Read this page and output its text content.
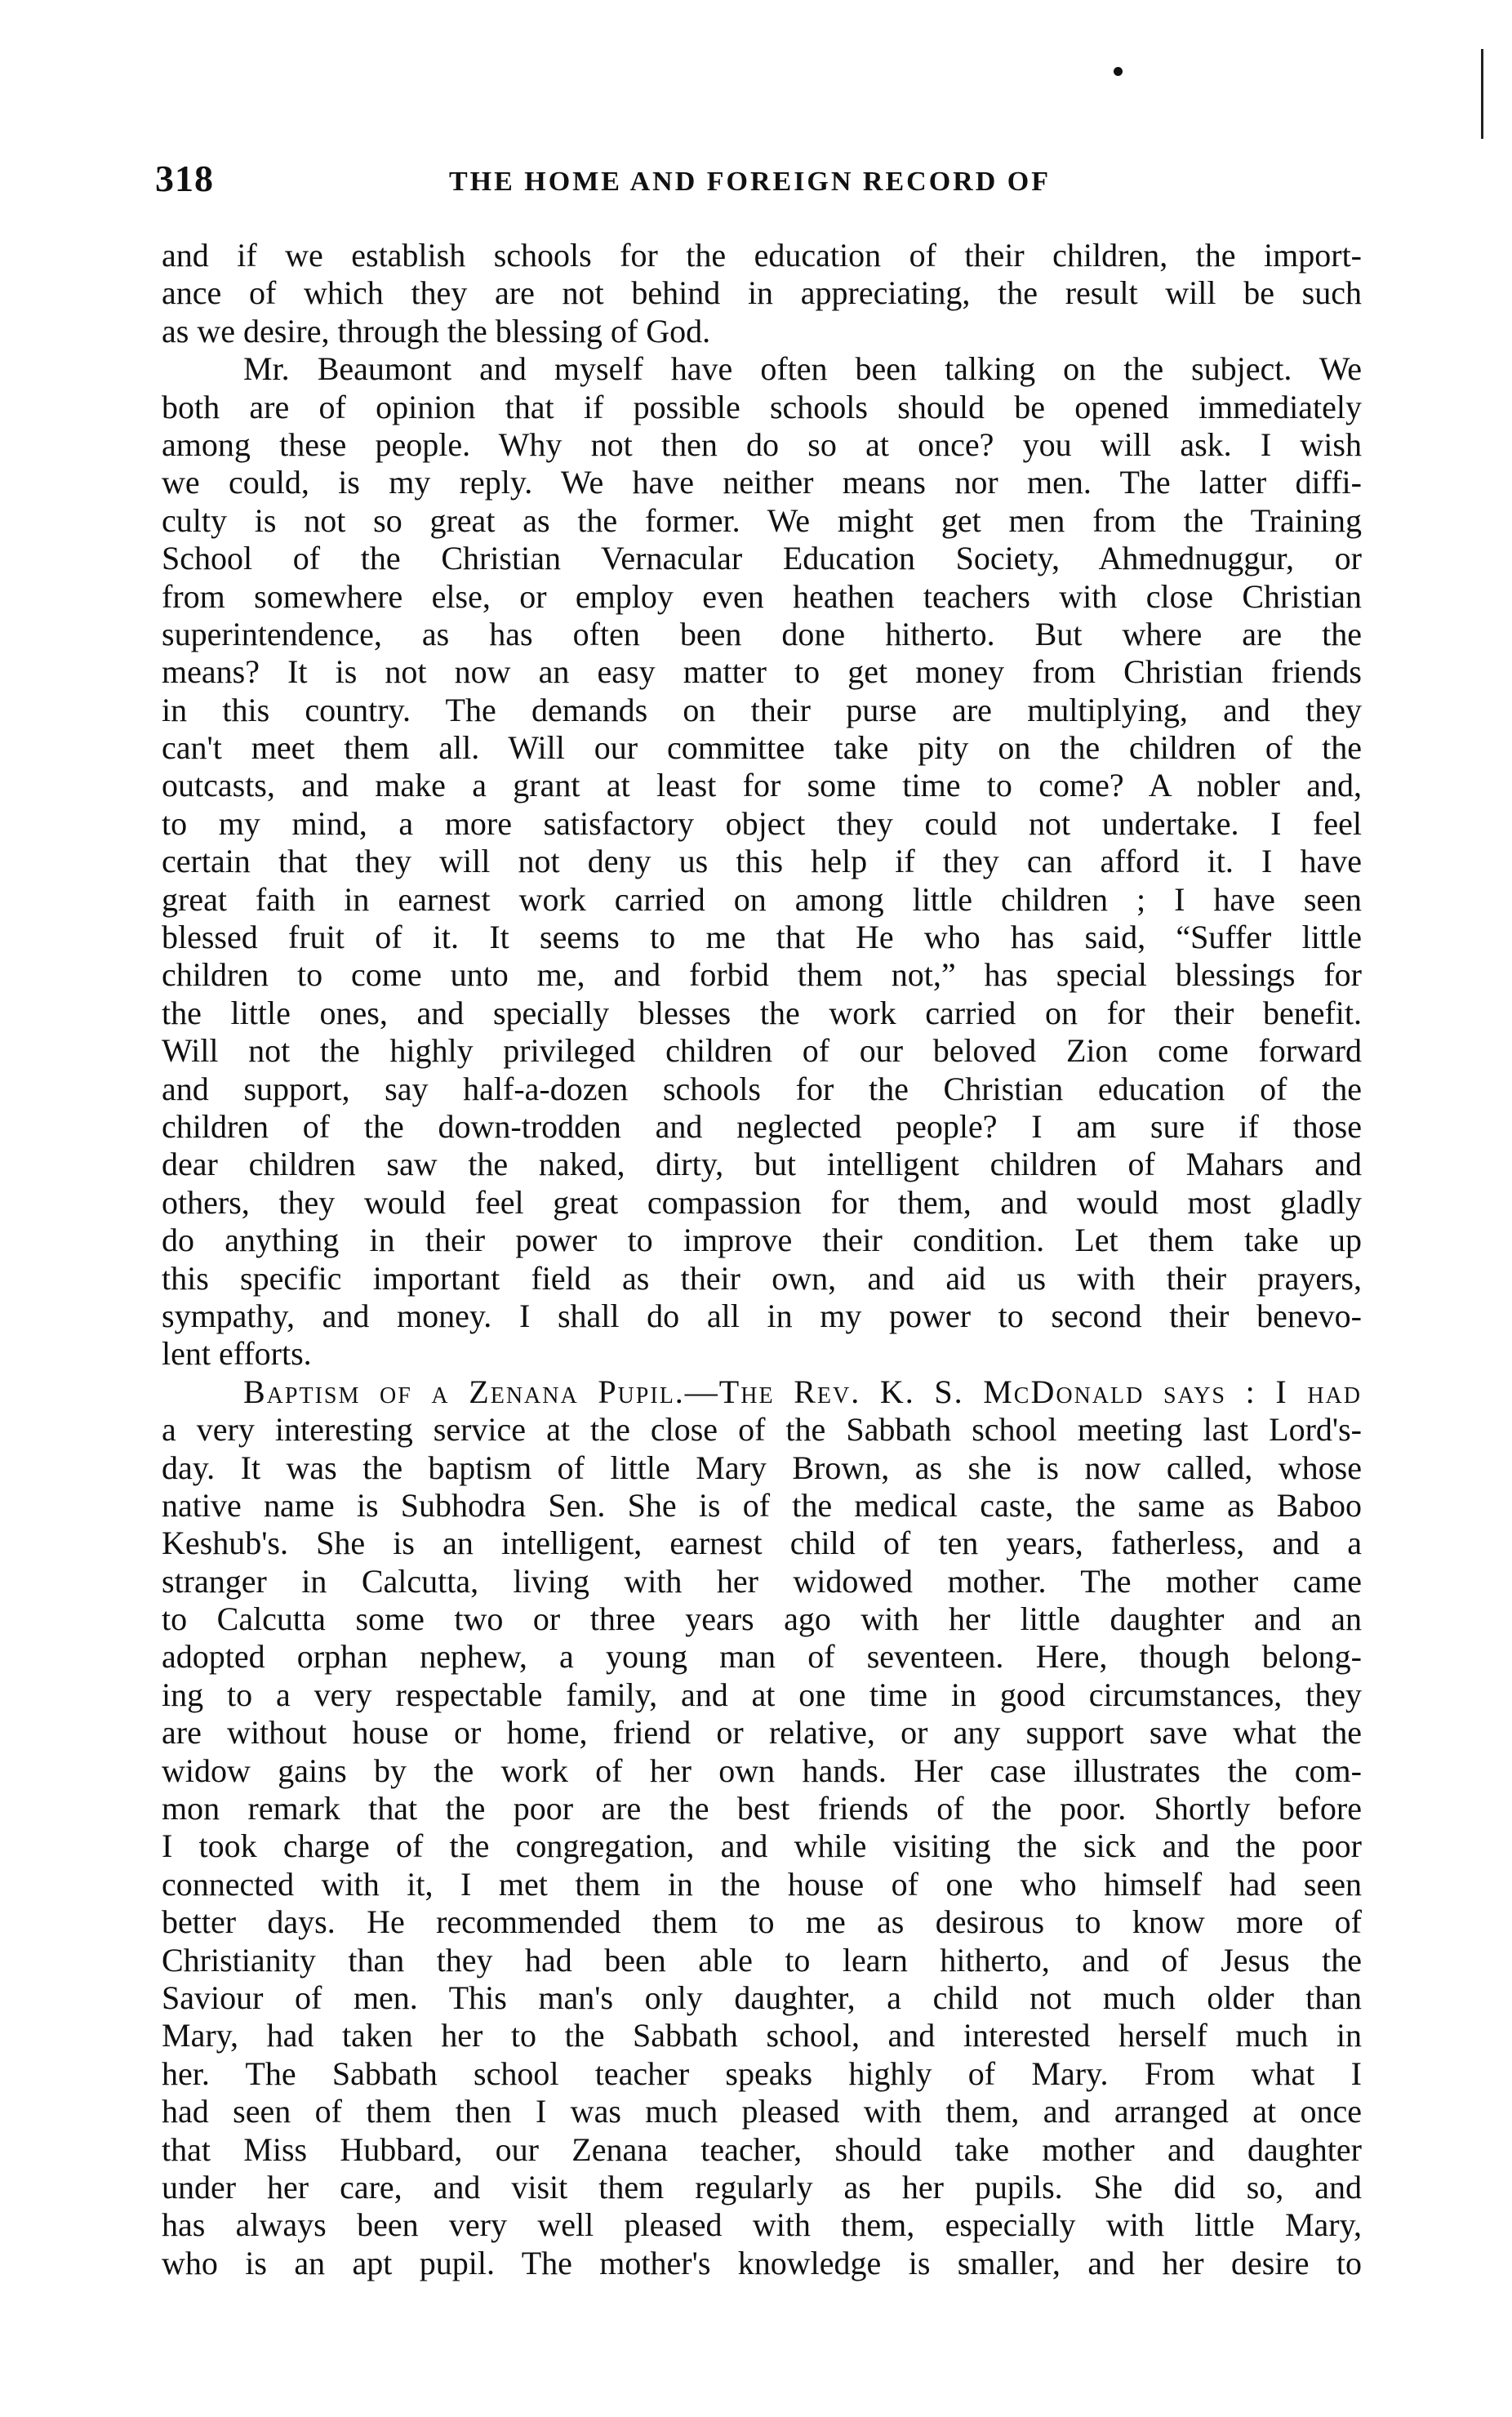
318	THE HOME AND FOREIGN RECORD OF
and if we establish schools for the education of their children, the import-
ance of which they are not behind in appreciating, the result will be such
as we desire, through the blessing of God.
Mr. Beaumont and myself have often been talking on the subject. We
both are of opinion that if possible schools should be opened immediately
among these people. Why not then do so at once? you will ask. I wish
we could, is my reply. We have neither means nor men. The latter diffi-
culty is not so great as the former. We might get men from the Training
School of the Christian Vernacular Education Society, Ahmednuggur, or
from somewhere else, or employ even heathen teachers with close Christian
superintendence, as has often been done hitherto. But where are the
means? It is not now an easy matter to get money from Christian friends
in this country. The demands on their purse are multiplying, and they
can't meet them all. Will our committee take pity on the children of the
outcasts, and make a grant at least for some time to come? A nobler and,
to my mind, a more satisfactory object they could not undertake. I feel
certain that they will not deny us this help if they can afford it. I have
great faith in earnest work carried on among little children ; I have seen
blessed fruit of it. It seems to me that He who has said, “Suffer little
children to come unto me, and forbid them not,” has special blessings for
the little ones, and specially blesses the work carried on for their benefit.
Will not the highly privileged children of our beloved Zion come forward
and support, say half-a-dozen schools for the Christian education of the
children of the down-trodden and neglected people? I am sure if those
dear children saw the naked, dirty, but intelligent children of Mahars and
others, they would feel great compassion for them, and would most gladly
do anything in their power to improve their condition. Let them take up
this specific important field as their own, and aid us with their prayers,
sympathy, and money. I shall do all in my power to second their benevo-
lent efforts.
Baptism of a Zenana Pupil.—The Rev. K. S. McDonald says : I had
a very interesting service at the close of the Sabbath school meeting last Lord's-
day. It was the baptism of little Mary Brown, as she is now called, whose
native name is Subhodra Sen. She is of the medical caste, the same as Baboo
Keshub's. She is an intelligent, earnest child of ten years, fatherless, and a
stranger in Calcutta, living with her widowed mother. The mother came
to Calcutta some two or three years ago with her little daughter and an
adopted orphan nephew, a young man of seventeen. Here, though belong-
ing to a very respectable family, and at one time in good circumstances, they
are without house or home, friend or relative, or any support save what the
widow gains by the work of her own hands. Her case illustrates the com-
mon remark that the poor are the best friends of the poor. Shortly before
I took charge of the congregation, and while visiting the sick and the poor
connected with it, I met them in the house of one who himself had seen
better days. He recommended them to me as desirous to know more of
Christianity than they had been able to learn hitherto, and of Jesus the
Saviour of men. This man's only daughter, a child not much older than
Mary, had taken her to the Sabbath school, and interested herself much in
her. The Sabbath school teacher speaks highly of Mary. From what I
had seen of them then I was much pleased with them, and arranged at once
that Miss Hubbard, our Zenana teacher, should take mother and daughter
under her care, and visit them regularly as her pupils. She did so, and
has always been very well pleased with them, especially with little Mary,
who is an apt pupil. The mother's knowledge is smaller, and her desire to
